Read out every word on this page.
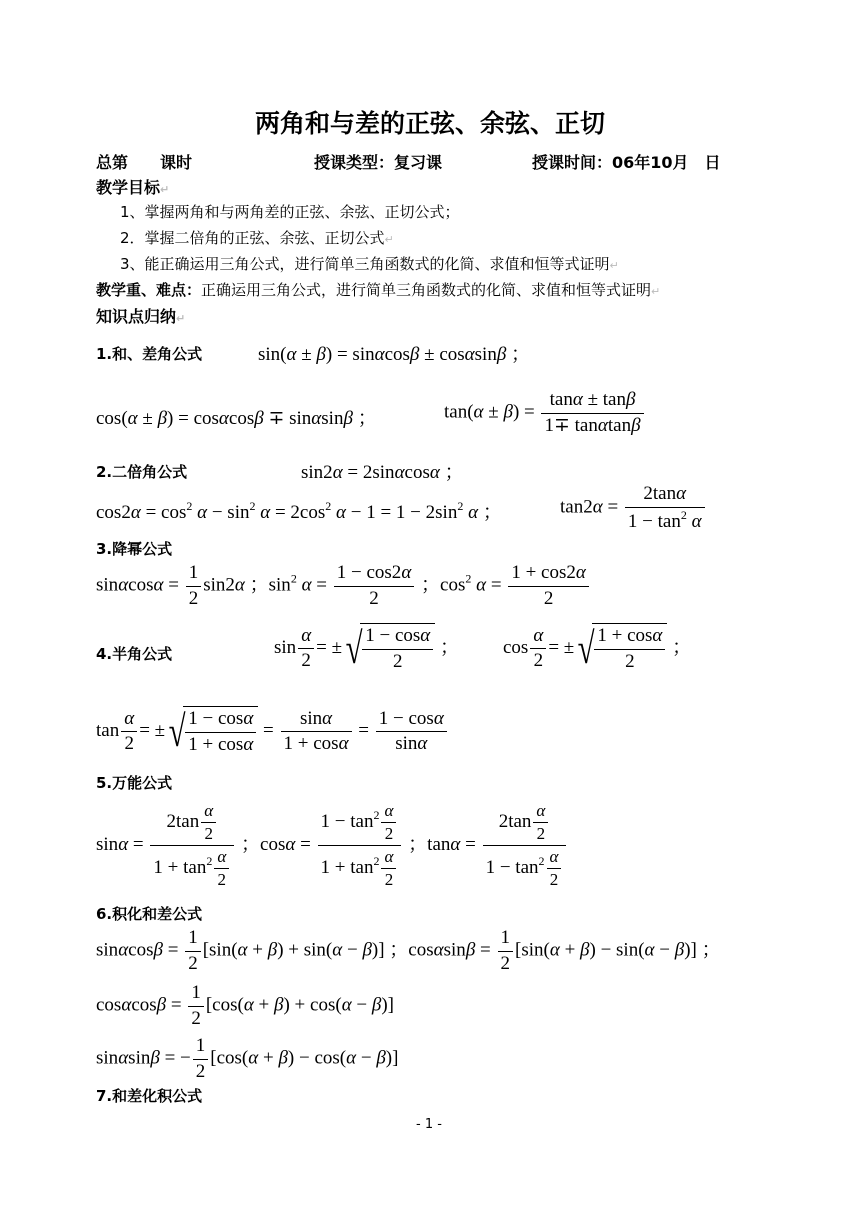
两角和与差的正弦、余弦、正切
总第　　课时	授课类型：复习课	授课时间：06年10月　日
教学目标↵
1、掌握两角和与两角差的正弦、余弦、正切公式；
2．掌握二倍角的正弦、余弦、正切公式↵
3、能正确运用三角公式，进行简单三角函数式的化简、求值和恒等式证明↵
教学重、难点：正确运用三角公式，进行简单三角函数式的化简、求值和恒等式证明↵
知识点归纳↵
1.和、差角公式	sin(α ± β) = sinαcosβ ± cosαsinβ ；
cos(α ± β) = cosαcosβ ∓ sinαsinβ ；	$\tan(\alpha \pm \beta) = \frac{\tan\alpha \pm \tan\beta}{1\mp \tan\alpha\tan\beta}$
2.二倍角公式	sin2α = 2sinαcosα ；
$\cos 2\alpha = \cos^2 \alpha - \sin^2 \alpha = 2\cos^2$ $\alpha - 1 = 1 - 2\sin^2$ α ；	$\tan 2\alpha = \frac{2\tan\alpha}{1 - \tan^2 \alpha}$
3.降幂公式
$\sin\alpha\cos\alpha = \frac{1}{2} \sin 2\alpha$ ；$\sin^2 \alpha = \frac{1 - \cos 2\alpha}{2}$ ；$\cos^2 \alpha = \frac{1 + \cos 2\alpha}{2}$
4.半角公式	$\sin \frac{\alpha}{2}$ = ±√ $\frac{1 - \cos\alpha}{2}$ ； $\cos \frac{\alpha}{2}$ = ±√ $\frac{1 + \cos\alpha}{2}$ ；
$\tan \frac{\alpha}{2}$ = ±√ $\frac{1 - \cos\alpha}{1 + \cos\alpha} = \frac{\sin\alpha}{1 + \cos\alpha} = \frac{1 - \cos\alpha}{\sin\alpha}$
5.万能公式
$\sin\alpha = \frac{2\tan \frac{\alpha}{2}}{1 + \tan^2 \frac{\alpha}{2}}$ ；$\cos\alpha = \frac{1 - \tan^2 \frac{\alpha}{2}}{1 + \tan^2 \frac{\alpha}{2}}$ ；$\tan\alpha = \frac{2\tan \frac{\alpha}{2}}{1 - \tan^2 \frac{\alpha}{2}}$
6.积化和差公式
$\sin\alpha\cos\beta = \frac{1}{2} [\sin(\alpha + \beta) + \sin(\alpha - \beta)]$ ；$\cos\alpha\sin\beta = \frac{1}{2} [\sin(\alpha + \beta) - \sin(\alpha - \beta)]$ ；
$\cos\alpha\cos\beta = \frac{1}{2} [\cos(\alpha + \beta) + \cos(\alpha - \beta)]$
sinαsinβ = − $\frac{1}{2} [\cos(\alpha + \beta) - \cos(\alpha - \beta)]$
7.和差化积公式
- 1 -
